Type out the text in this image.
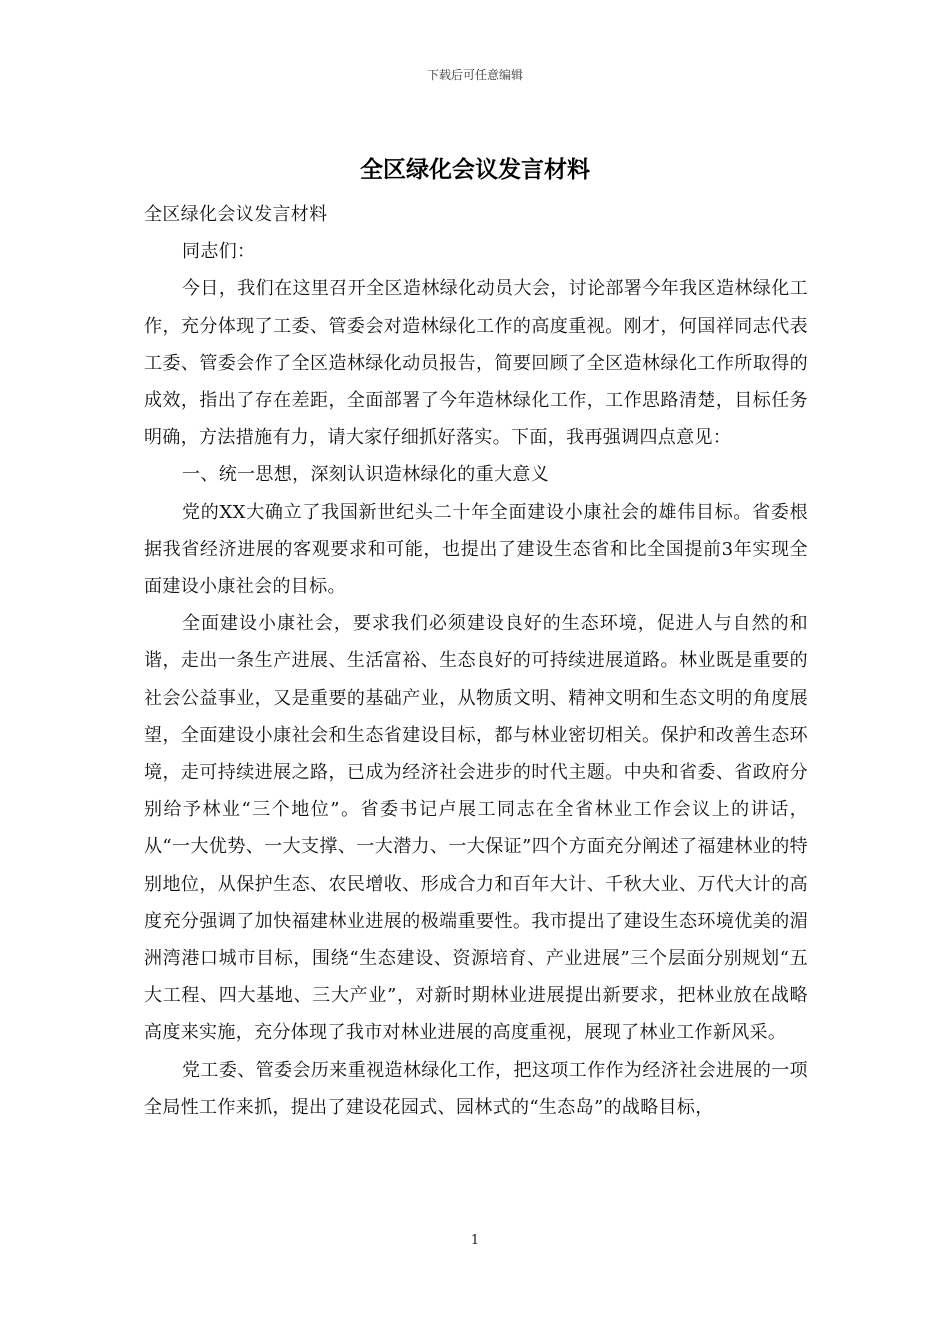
下载后可任意编辑
全区绿化会议发言材料

全区绿化会议发言材料

同志们：

今日，我们在这里召开全区造林绿化动员大会，讨论部署今年我区造林绿化工作，充分体现了工委、管委会对造林绿化工作的高度重视。刚才，何国祥同志代表工委、管委会作了全区造林绿化动员报告，简要回顾了全区造林绿化工作所取得的成效，指出了存在差距，全面部署了今年造林绿化工作，工作思路清楚，目标任务明确，方法措施有力，请大家仔细抓好落实。下面，我再强调四点意见：

一、统一思想，深刻认识造林绿化的重大意义

党的XX大确立了我国新世纪头二十年全面建设小康社会的雄伟目标。省委根据我省经济进展的客观要求和可能，也提出了建设生态省和比全国提前3年实现全面建设小康社会的目标。

全面建设小康社会，要求我们必须建设良好的生态环境，促进人与自然的和谐，走出一条生产进展、生活富裕、生态良好的可持续进展道路。林业既是重要的社会公益事业，又是重要的基础产业，从物质文明、精神文明和生态文明的角度展望，全面建设小康社会和生态省建设目标，都与林业密切相关。保护和改善生态环境，走可持续进展之路，已成为经济社会进步的时代主题。中央和省委、省政府分别给予林业“三个地位”。省委书记卢展工同志在全省林业工作会议上的讲话，从“一大优势、一大支撑、一大潜力、一大保证”四个方面充分阐述了福建林业的特别地位，从保护生态、农民增收、形成合力和百年大计、千秋大业、万代大计的高度充分强调了加快福建林业进展的极端重要性。我市提出了建设生态环境优美的湄洲湾港口城市目标，围绕“生态建设、资源培育、产业进展”三个层面分别规划“五大工程、四大基地、三大产业”，对新时期林业进展提出新要求，把林业放在战略高度来实施，充分体现了我市对林业进展的高度重视，展现了林业工作新风采。

党工委、管委会历来重视造林绿化工作，把这项工作作为经济社会进展的一项全局性工作来抓，提出了建设花园式、园林式的“生态岛”的战略目标，

1
